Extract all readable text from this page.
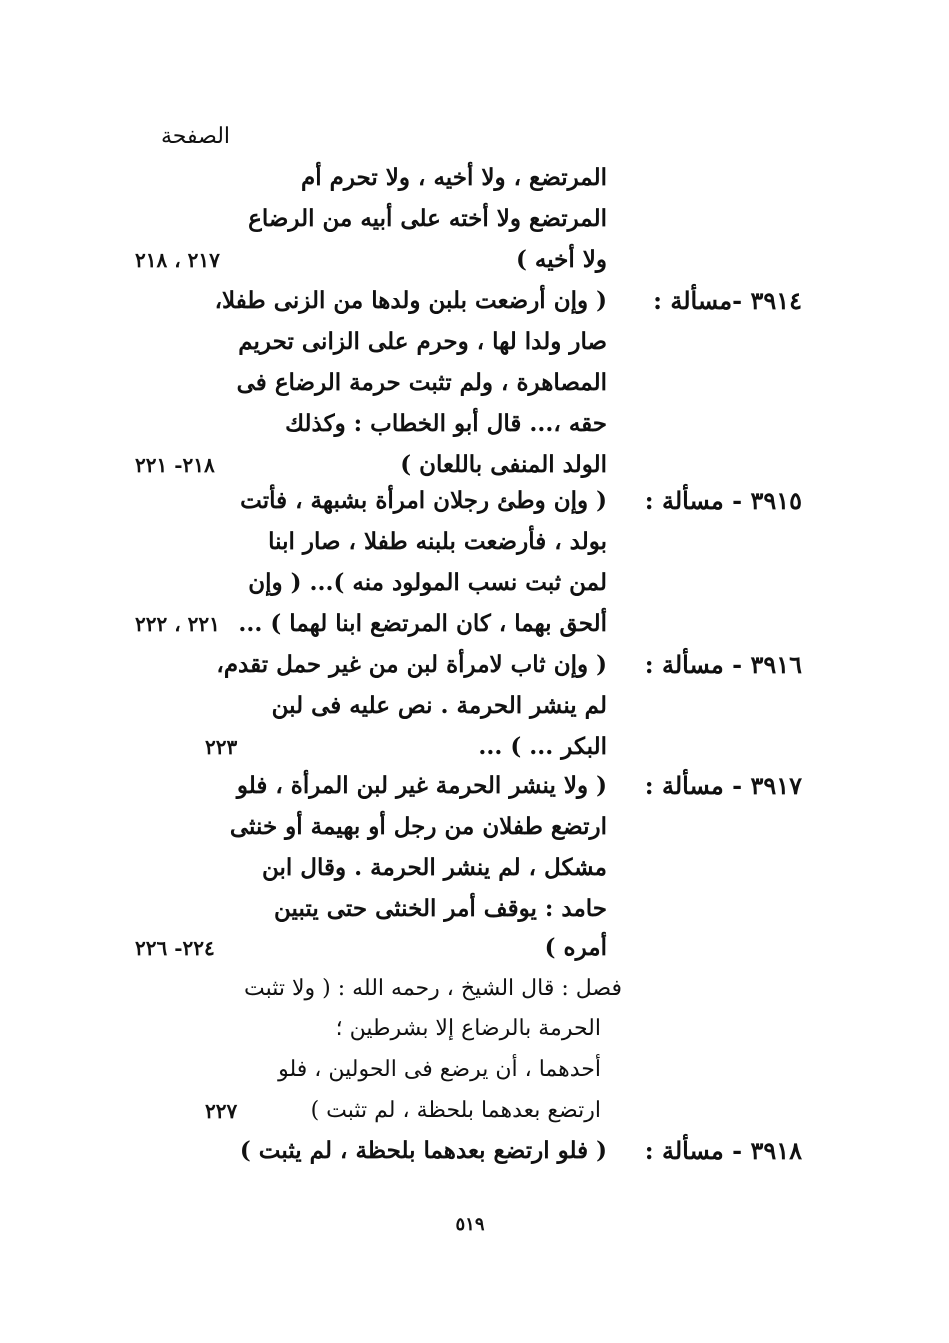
الصفحة
المرتضع ، ولا أخيه ، ولا تحرم أم
المرتضع ولا أخته على أبيه من الرضاع
ولا أخيه )
٢١٧ ، ٢١٨
٣٩١٤ -مسألة :
( وإن أرضعت بلبن ولدها من الزنى طفلا،
صار ولدا لها ، وحرم على الزانى تحريم
المصاهرة ، ولم تثبت حرمة الرضاع فى
حقه ،... قال أبو الخطاب : وكذلك
الولد المنفى باللعان )
٢١٨- ٢٢١
٣٩١٥ - مسألة :
( وإن وطئ رجلان امرأة بشبهة ، فأتت
بولد ، فأرضعت بلبنه طفلا ، صار ابنا
لمن ثبت نسب المولود منه )... ( وإن
ألحق بهما ، كان المرتضع ابنا لهما ) ...
٢٢١ ، ٢٢٢
٣٩١٦ - مسألة :
( وإن ثاب لامرأة لبن من غير حمل تقدم،
لم ينشر الحرمة . نص عليه فى لبن
البكر ... ) ...
٢٢٣
٣٩١٧ - مسألة :
( ولا ينشر الحرمة غير لبن المرأة ، فلو
ارتضع طفلان من رجل أو بهيمة أو خنثى
مشكل ، لم ينشر الحرمة . وقال ابن
حامد : يوقف أمر الخنثى حتى يتبين
أمره )
٢٢٤- ٢٢٦
فصل : قال الشيخ ، رحمه الله : ( ولا تثبت
الحرمة بالرضاع إلا بشرطين ؛
أحدهما ، أن يرضع فى الحولين ، فلو
ارتضع بعدهما بلحظة ، لم تثبت )
٢٢٧
٣٩١٨ - مسألة :
( فلو ارتضع بعدهما بلحظة ، لم يثبت )
٥١٩
